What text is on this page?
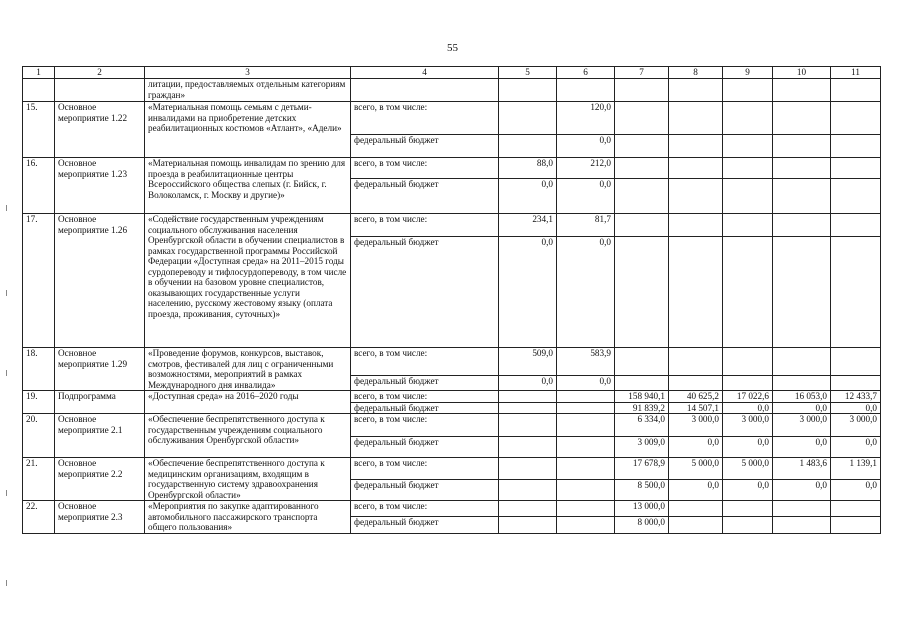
55
1	2	3	4	5	6	7	8	9	10	11
		литации, предоставляемых отдельным категориям граждан»								
15.	Основное мероприятие 1.22	«Материальная помощь семьям с детьми-инвалидами на приобретение детских реабилитационных костюмов «Атлант», «Адели»	всего, в том числе:		120,0					
			федеральный бюджет		0,0					
16.	Основное мероприятие 1.23	«Материальная помощь инвалидам по зрению для проезда в реабилитационные центры Всероссийского общества слепых (г. Бийск, г. Волоколамск, г. Москву и другие)»	всего, в том числе:	88,0	212,0					
			федеральный бюджет	0,0	0,0					
17.	Основное мероприятие 1.26	«Содействие государственным учреждениям социального обслуживания населения Оренбургской области в обучении специалистов в рамках государственной программы Российской Федерации «Доступная среда» на 2011–2015 годы сурдопереводу и тифлосурдопереводу, в том числе в обучении на базовом уровне специалистов, оказывающих государственные услуги населению, русскому жестовому языку (оплата проезда, проживания, суточных)»	всего, в том числе:	234,1	81,7					
			федеральный бюджет	0,0	0,0					
18.	Основное мероприятие 1.29	«Проведение форумов, конкурсов, выставок, смотров, фестивалей для лиц с ограниченными возможностями, мероприятий в рамках Международного дня инвалида»	всего, в том числе:	509,0	583,9					
			федеральный бюджет	0,0	0,0					
19.	Подпрограмма	«Доступная среда» на 2016–2020 годы	всего, в том числе:			158 940,1	40 625,2	17 022,6	16 053,0	12 433,7
			федеральный бюджет			91 839,2	14 507,1	0,0	0,0	0,0
20.	Основное мероприятие 2.1	«Обеспечение беспрепятственного доступа к государственным учреждениям социального обслуживания Оренбургской области»	всего, в том числе:			6 334,0	3 000,0	3 000,0	3 000,0	3 000,0
			федеральный бюджет			3 009,0	0,0	0,0	0,0	0,0
21.	Основное мероприятие 2.2	«Обеспечение беспрепятственного доступа к медицинским организациям, входящим в государственную систему здравоохранения Оренбургской области»	всего, в том числе:			17 678,9	5 000,0	5 000,0	1 483,6	1 139,1
			федеральный бюджет			8 500,0	0,0	0,0	0,0	0,0
22.	Основное мероприятие 2.3	«Мероприятия по закупке адаптированного автомобильного пассажирского транспорта общего пользования»	всего, в том числе:			13 000,0				
			федеральный бюджет			8 000,0				
